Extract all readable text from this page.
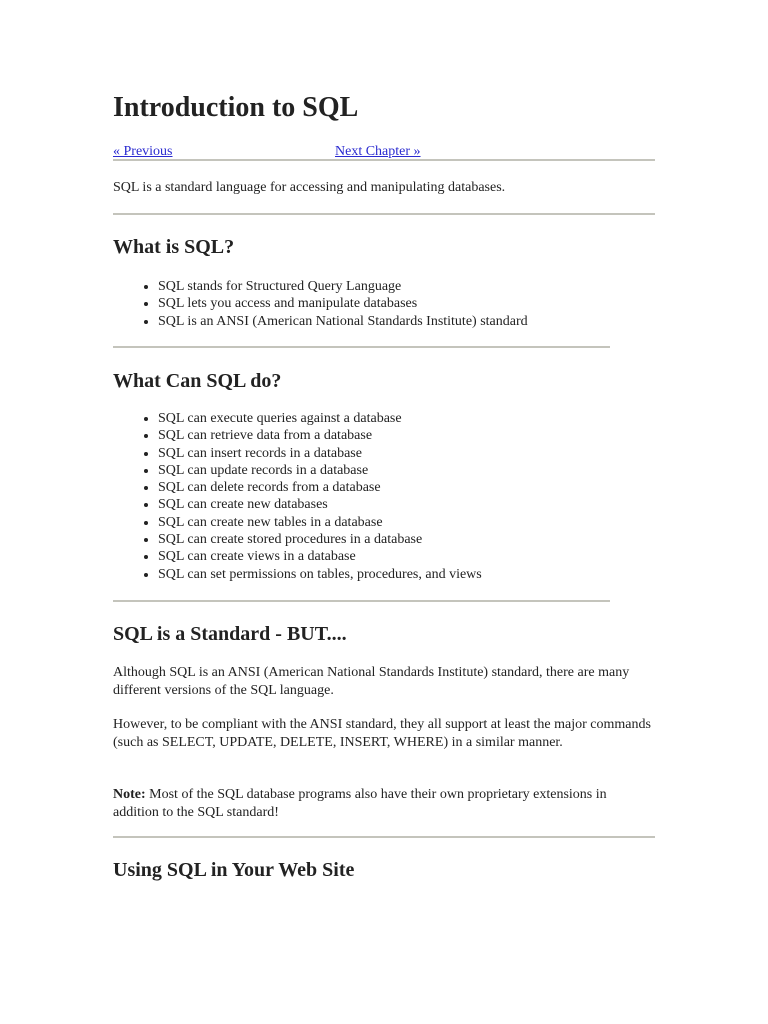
Introduction to SQL
« Previous	Next Chapter »

SQL is a standard language for accessing and manipulating databases.

What is SQL?
• SQL stands for Structured Query Language
• SQL lets you access and manipulate databases
• SQL is an ANSI (American National Standards Institute) standard
What Can SQL do?
• SQL can execute queries against a database
• SQL can retrieve data from a database
• SQL can insert records in a database
• SQL can update records in a database
• SQL can delete records from a database
• SQL can create new databases
• SQL can create new tables in a database
• SQL can create stored procedures in a database
• SQL can create views in a database
• SQL can set permissions on tables, procedures, and views
SQL is a Standard - BUT....

Although SQL is an ANSI (American National Standards Institute) standard, there are many different versions of the SQL language.

However, to be compliant with the ANSI standard, they all support at least the major commands (such as SELECT, UPDATE, DELETE, INSERT, WHERE) in a similar manner.

Note: Most of the SQL database programs also have their own proprietary extensions in addition to the SQL standard!

Using SQL in Your Web Site
